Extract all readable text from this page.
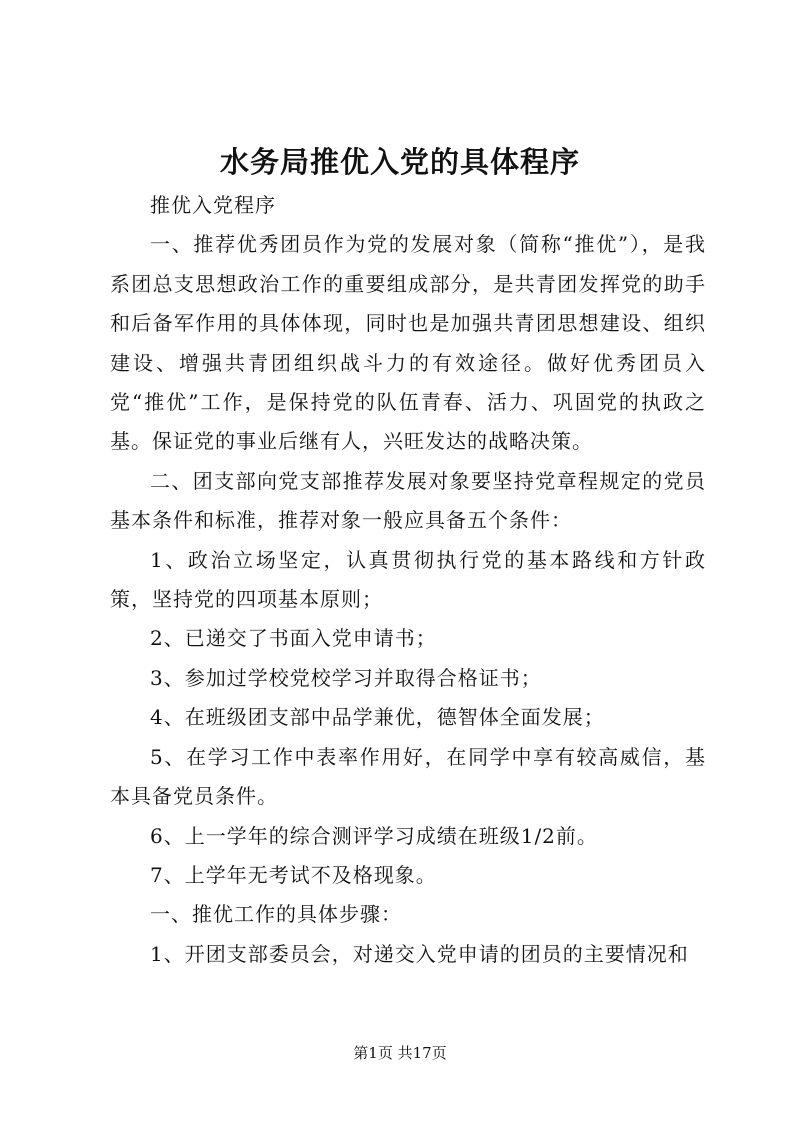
水务局推优入党的具体程序

推优入党程序

一、推荐优秀团员作为党的发展对象（简称“推优”），是我系团总支思想政治工作的重要组成部分，是共青团发挥党的助手和后备军作用的具体体现，同时也是加强共青团思想建设、组织建设、增强共青团组织战斗力的有效途径。做好优秀团员入党“推优”工作，是保持党的队伍青春、活力、巩固党的执政之基。保证党的事业后继有人，兴旺发达的战略决策。

二、团支部向党支部推荐发展对象要坚持党章程规定的党员基本条件和标准，推荐对象一般应具备五个条件：

1、政治立场坚定，认真贯彻执行党的基本路线和方针政策，坚持党的四项基本原则；

2、已递交了书面入党申请书；

3、参加过学校党校学习并取得合格证书；

4、在班级团支部中品学兼优，德智体全面发展；

5、在学习工作中表率作用好，在同学中享有较高威信，基本具备党员条件。

6、上一学年的综合测评学习成绩在班级1/2前。

7、上学年无考试不及格现象。

一、推优工作的具体步骤：

1、开团支部委员会，对递交入党申请的团员的主要情况和

第1页 共17页
